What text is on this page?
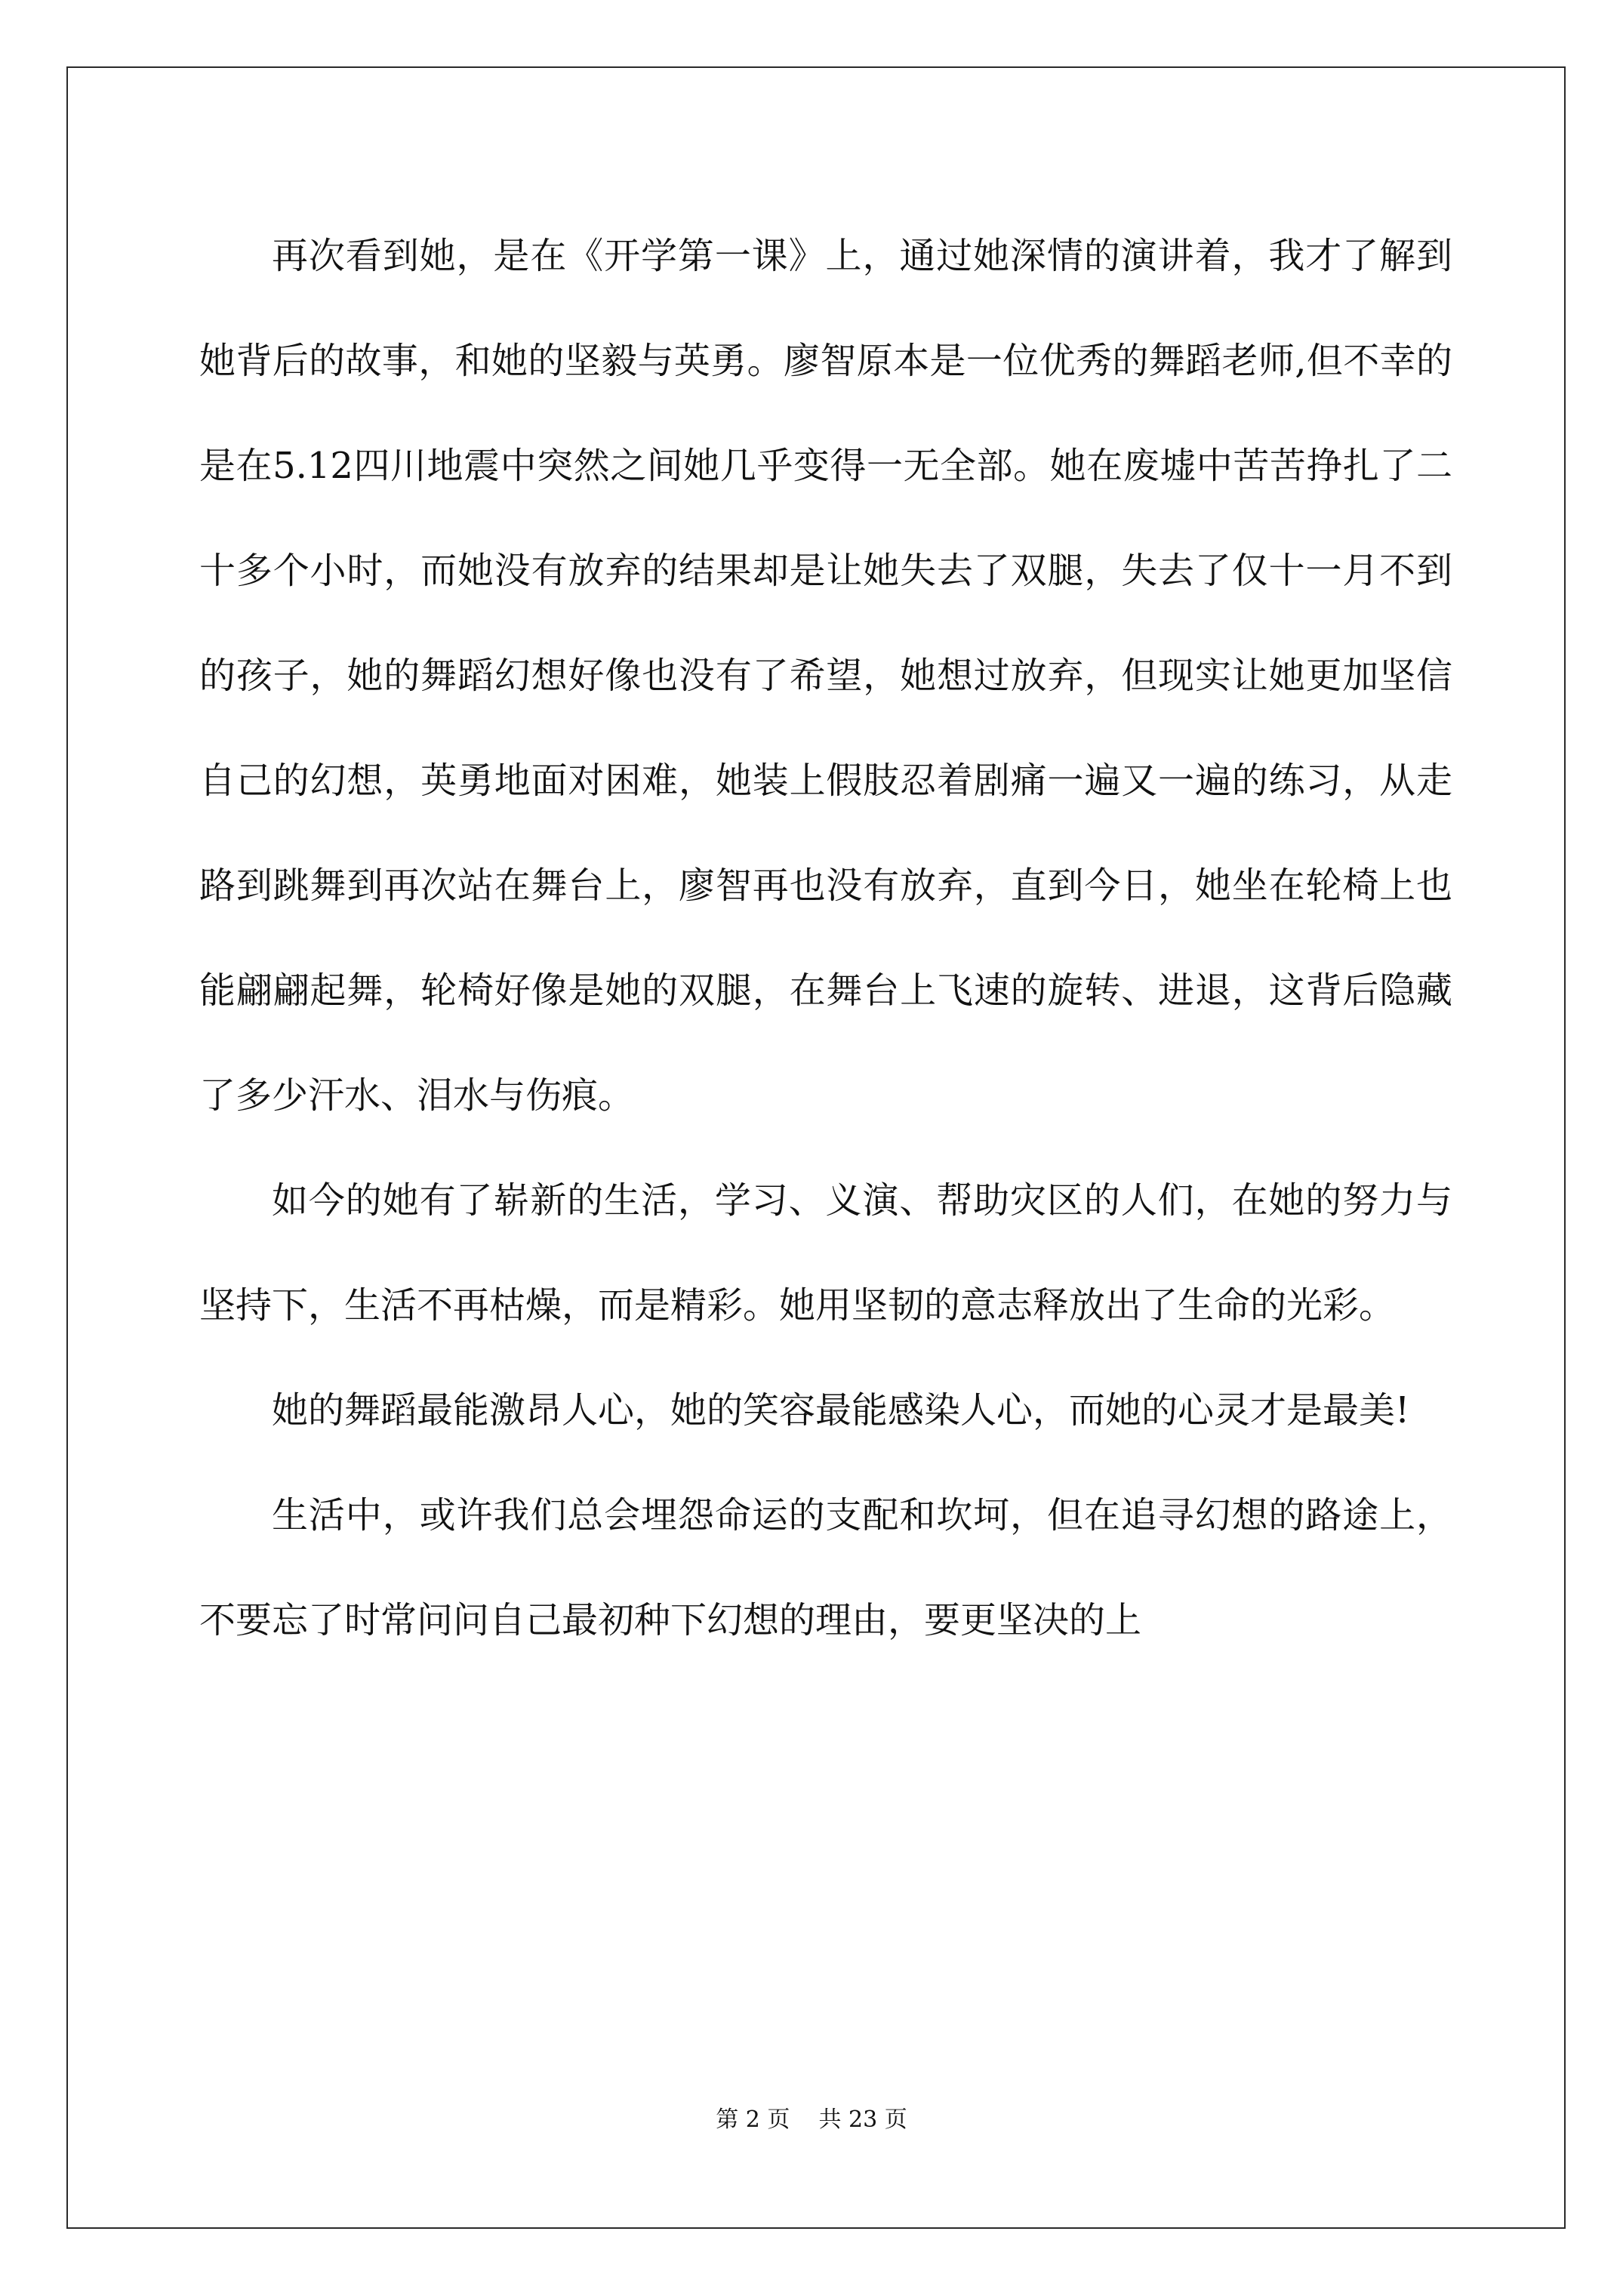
再次看到她，是在《开学第一课》上，通过她深情的演讲着，我才了解到她背后的故事，和她的坚毅与英勇。廖智原本是一位优秀的舞蹈老师,但不幸的是在5.12四川地震中突然之间她几乎变得一无全部。她在废墟中苦苦挣扎了二十多个小时，而她没有放弃的结果却是让她失去了双腿，失去了仅十一月不到的孩子，她的舞蹈幻想好像也没有了希望，她想过放弃，但现实让她更加坚信自己的幻想，英勇地面对困难，她装上假肢忍着剧痛一遍又一遍的练习，从走路到跳舞到再次站在舞台上，廖智再也没有放弃，直到今日，她坐在轮椅上也能翩翩起舞，轮椅好像是她的双腿，在舞台上飞速的旋转、进退，这背后隐藏了多少汗水、泪水与伤痕。

如今的她有了崭新的生活，学习、义演、帮助灾区的人们，在她的努力与坚持下，生活不再枯燥，而是精彩。她用坚韧的意志释放出了生命的光彩。

她的舞蹈最能激昂人心，她的笑容最能感染人心，而她的心灵才是最美!

生活中，或许我们总会埋怨命运的支配和坎坷，但在追寻幻想的路途上，不要忘了时常问问自己最初种下幻想的理由，要更坚决的上

第 2 页    共 23 页
